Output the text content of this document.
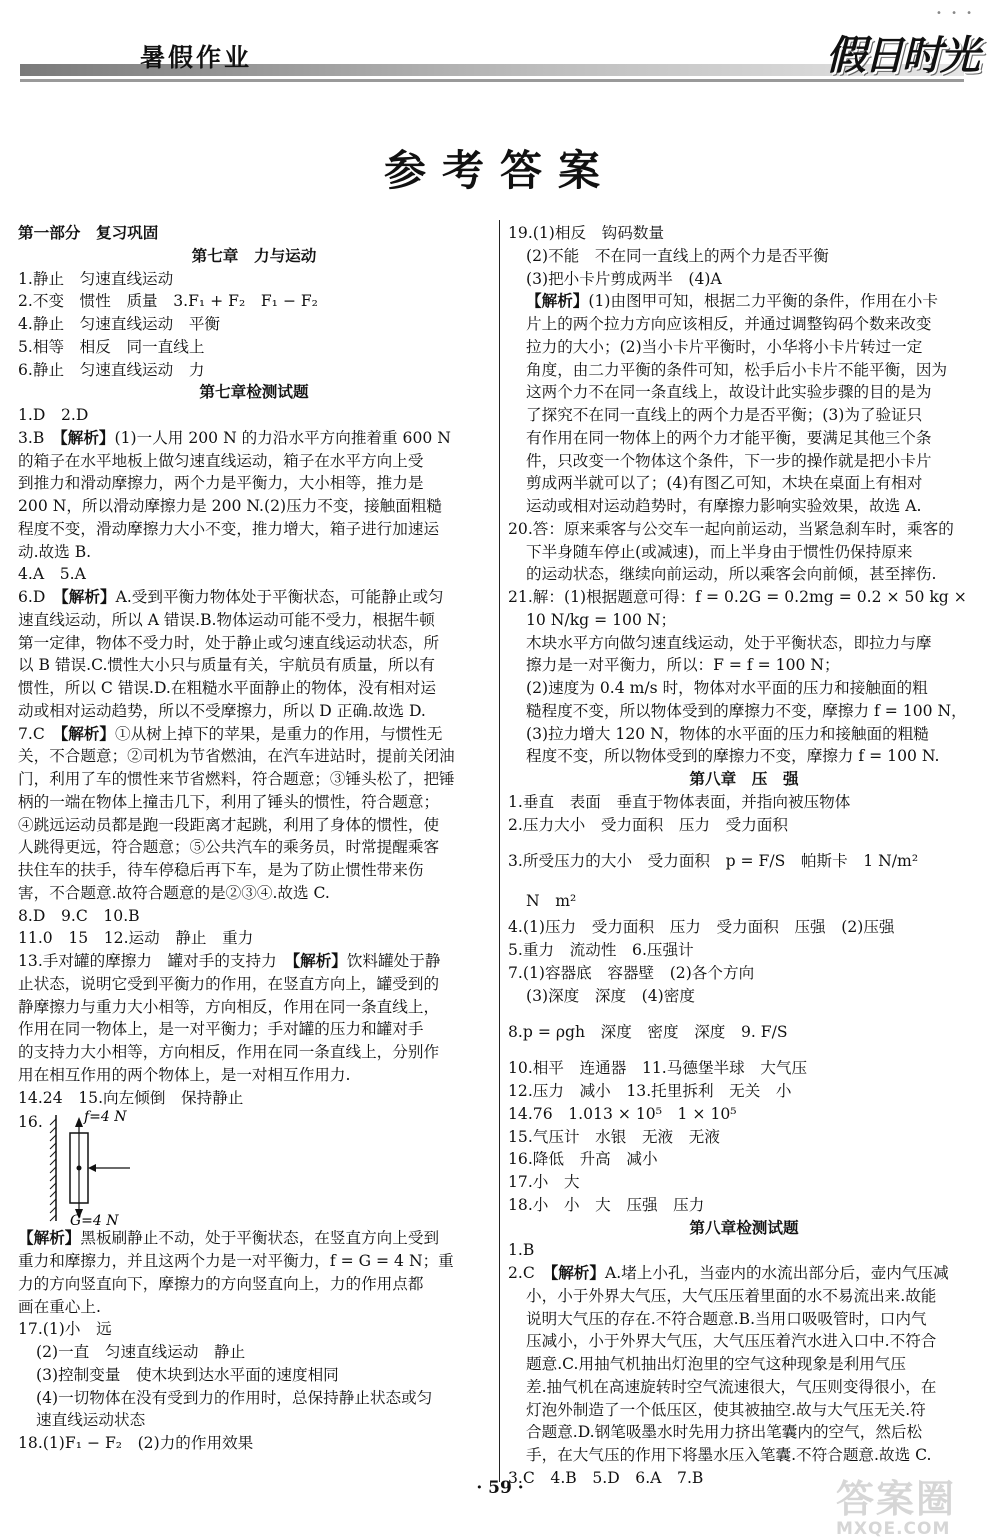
• • •
暑假作业	假日时光
参考答案
第一部分　复习巩固
第七章　力与运动
1.静止　匀速直线运动
2.不变　惯性　质量　3.F₁ + F₂　F₁ − F₂
4.静止　匀速直线运动　平衡
5.相等　相反　同一直线上
6.静止　匀速直线运动　力
第七章检测试题
1.D　2.D
3.B　【解析】(1)一人用 200 N 的力沿水平方向推着重 600 N
的箱子在水平地板上做匀速直线运动，箱子在水平方向上受
到推力和滑动摩擦力，两个力是平衡力，大小相等，推力是
200 N，所以滑动摩擦力是 200 N.(2)压力不变，接触面粗糙
程度不变，滑动摩擦力大小不变，推力增大，箱子进行加速运
动.故选 B.
4.A　5.A
6.D　【解析】A.受到平衡力物体处于平衡状态，可能静止或匀
速直线运动，所以 A 错误.B.物体运动可能不受力，根据牛顿
第一定律，物体不受力时，处于静止或匀速直线运动状态，所
以 B 错误.C.惯性大小只与质量有关，宇航员有质量，所以有
惯性，所以 C 错误.D.在粗糙水平面静止的物体，没有相对运
动或相对运动趋势，所以不受摩擦力，所以 D 正确.故选 D.
7.C　【解析】①从树上掉下的苹果，是重力的作用，与惯性无
关，不合题意；②司机为节省燃油，在汽车进站时，提前关闭油
门，利用了车的惯性来节省燃料，符合题意；③锤头松了，把锤
柄的一端在物体上撞击几下，利用了锤头的惯性，符合题意；
④跳远运动员都是跑一段距离才起跳，利用了身体的惯性，使
人跳得更远，符合题意；⑤公共汽车的乘务员，时常提醒乘客
扶住车的扶手，待车停稳后再下车，是为了防止惯性带来伤
害，不合题意.故符合题意的是②③④.故选 C.
8.D　9.C　10.B
11.0　15　12.运动　静止　重力
13.手对罐的摩擦力　罐对手的支持力　【解析】饮料罐处于静
止状态，说明它受到平衡力的作用，在竖直方向上，罐受到的
静摩擦力与重力大小相等，方向相反，作用在同一条直线上，
作用在同一物体上，是一对平衡力；手对罐的压力和罐对手
的支持力大小相等，方向相反，作用在同一条直线上，分别作
用在相互作用的两个物体上，是一对相互作用力.
14.24　15.向左倾倒　保持静止
16.	f=4 N
G=4 N
【解析】黑板刷静止不动，处于平衡状态，在竖直方向上受到
重力和摩擦力，并且这两个力是一对平衡力，f = G = 4 N；重
力的方向竖直向下，摩擦力的方向竖直向上，力的作用点都
画在重心上.
17.(1)小　远
(2)一直　匀速直线运动　静止
(3)控制变量　使木块到达水平面的速度相同
(4)一切物体在没有受到力的作用时，总保持静止状态或匀
速直线运动状态
18.(1)F₁ − F₂　(2)力的作用效果
19.(1)相反　钩码数量
(2)不能　不在同一直线上的两个力是否平衡
(3)把小卡片剪成两半　(4)A
【解析】(1)由图甲可知，根据二力平衡的条件，作用在小卡
片上的两个拉力方向应该相反，并通过调整钩码个数来改变
拉力的大小；(2)当小卡片平衡时，小华将小卡片转过一定
角度，由二力平衡的条件可知，松手后小卡片不能平衡，因为
这两个力不在同一条直线上，故设计此实验步骤的目的是为
了探究不在同一直线上的两个力是否平衡；(3)为了验证只
有作用在同一物体上的两个力才能平衡，要满足其他三个条
件，只改变一个物体这个条件，下一步的操作就是把小卡片
剪成两半就可以了；(4)有图乙可知，木块在桌面上有相对
运动或相对运动趋势时，有摩擦力影响实验效果，故选 A.
20.答：原来乘客与公交车一起向前运动，当紧急刹车时，乘客的
下半身随车停止(或减速)，而上半身由于惯性仍保持原来
的运动状态，继续向前运动，所以乘客会向前倾，甚至摔伤.
21.解：(1)根据题意可得：f = 0.2G = 0.2mg = 0.2 × 50 kg ×
10 N/kg = 100 N；
木块水平方向做匀速直线运动，处于平衡状态，即拉力与摩
擦力是一对平衡力，所以：F = f = 100 N；
(2)速度为 0.4 m/s 时，物体对水平面的压力和接触面的粗
糙程度不变，所以物体受到的摩擦力不变，摩擦力 f = 100 N，
(3)拉力增大 120 N，物体的水平面的压力和接触面的粗糙
程度不变，所以物体受到的摩擦力不变，摩擦力 f = 100 N.
第八章　压　强
1.垂直　表面　垂直于物体表面，并指向被压物体
2.压力大小　受力面积　压力　受力面积
3.所受压力的大小　受力面积　p = F/S　帕斯卡　1 N/m²
N　m²
4.(1)压力　受力面积　压力　受力面积　压强　(2)压强
5.重力　流动性　6.压强计
7.(1)容器底　容器壁　(2)各个方向
(3)深度　深度　(4)密度
8.p = ρgh　深度　密度　深度　9. F/S
10.相平　连通器　11.马德堡半球　大气压
12.压力　减小　13.托里拆利　无关　小
14.76　1.013 × 10⁵　1 × 10⁵
15.气压计　水银　无液　无液
16.降低　升高　减小
17.小　大
18.小　小　大　压强　压力
第八章检测试题
1.B
2.C　【解析】A.堵上小孔，当壶内的水流出部分后，壶内气压减
小，小于外界大气压，大气压压着里面的水不易流出来.故能
说明大气压的存在.不符合题意.B.当用口吸吸管时，口内气
压减小，小于外界大气压，大气压压着汽水进入口中.不符合
题意.C.用抽气机抽出灯泡里的空气这种现象是利用气压
差.抽气机在高速旋转时空气流速很大，气压则变得很小，在
灯泡外制造了一个低压区，使其被抽空.故与大气压无关.符
合题意.D.钢笔吸墨水时先用力挤出笔囊内的空气，然后松
手，在大气压的作用下将墨水压入笔囊.不符合题意.故选 C.
3.C　4.B　5.D　6.A　7.B
· 59 ·	答案圈
MXQE.COM
